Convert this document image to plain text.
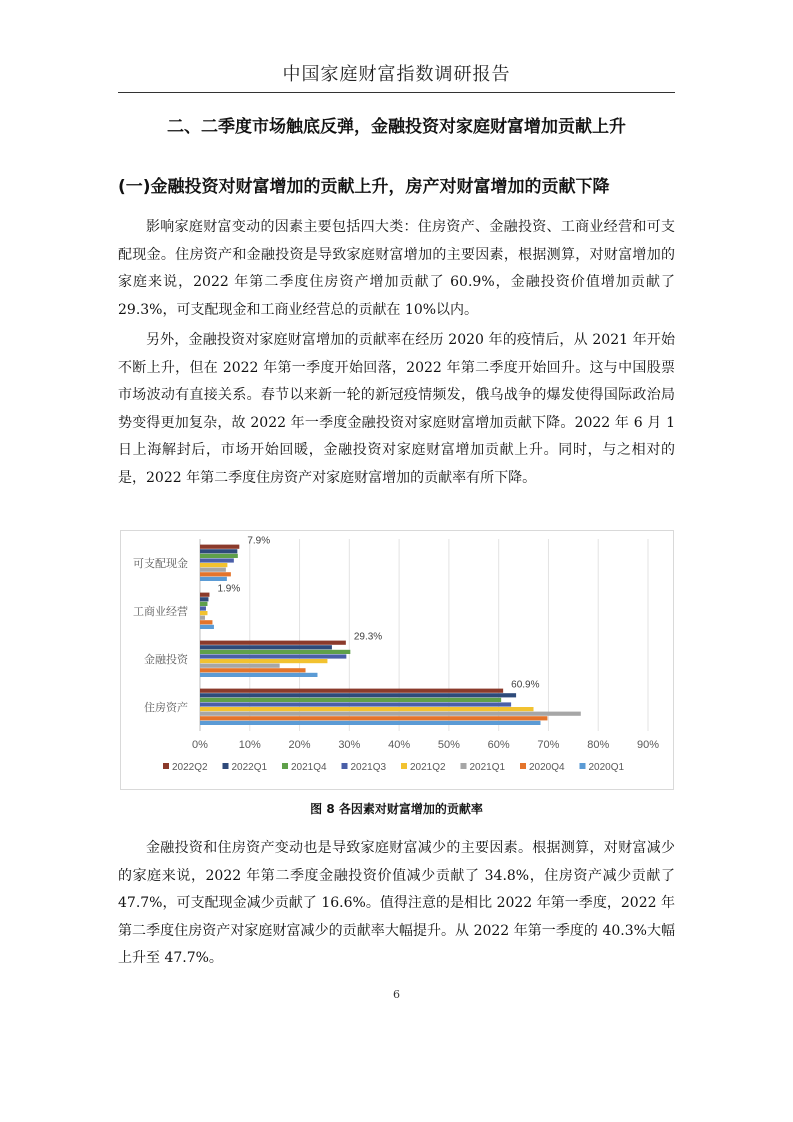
中国家庭财富指数调研报告
二、二季度市场触底反弹，金融投资对家庭财富增加贡献上升
(一)金融投资对财富增加的贡献上升，房产对财富增加的贡献下降

影响家庭财富变动的因素主要包括四大类：住房资产、金融投资、工商业经营和可支配现金。住房资产和金融投资是导致家庭财富增加的主要因素，根据测算，对财富增加的家庭来说，2022 年第二季度住房资产增加贡献了 60.9%，金融投资价值增加贡献了 29.3%，可支配现金和工商业经营总的贡献在 10%以内。

另外，金融投资对家庭财富增加的贡献率在经历 2020 年的疫情后，从 2021 年开始不断上升，但在 2022 年第一季度开始回落，2022 年第二季度开始回升。这与中国股票市场波动有直接关系。春节以来新一轮的新冠疫情频发，俄乌战争的爆发使得国际政治局势变得更加复杂，故 2022 年一季度金融投资对家庭财富增加贡献下降。2022 年 6 月 1 日上海解封后，市场开始回暖，金融投资对家庭财富增加贡献上升。同时，与之相对的是，2022 年第二季度住房资产对家庭财富增加的贡献率有所下降。

0%	10%	20%	30%	40%	50%	60%	70%	80%	90%
可支配现金
7.9%
工商业经营
1.9%
金融投资
29.3%
住房资产
60.9%
2022Q2 2022Q1 2021Q4 2021Q3 2021Q2 2021Q1 2020Q4 2020Q1
图 8 各因素对财富增加的贡献率

金融投资和住房资产变动也是导致家庭财富减少的主要因素。根据测算，对财富减少的家庭来说，2022 年第二季度金融投资价值减少贡献了 34.8%，住房资产减少贡献了 47.7%，可支配现金减少贡献了 16.6%。值得注意的是相比 2022 年第一季度，2022 年第二季度住房资产对家庭财富减少的贡献率大幅提升。从 2022 年第一季度的 40.3%大幅上升至 47.7%。

6
